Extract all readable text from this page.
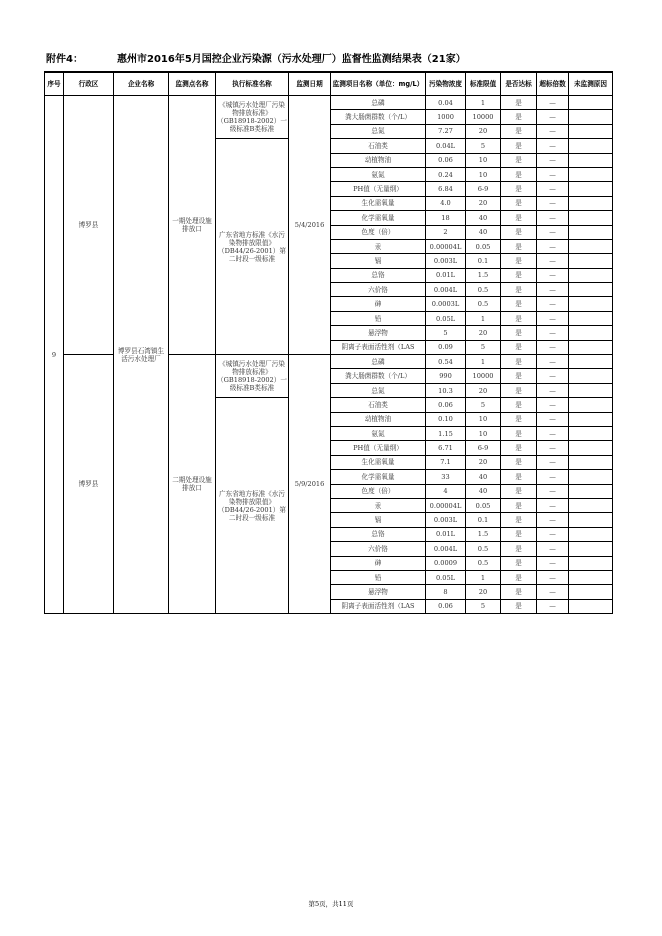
附件4：	惠州市2016年5月国控企业污染源（污水处理厂）监督性监测结果表（21家）
序号	行政区	企业名称	监测点名称	执行标准名称	监测日期	监测项目名称（单位：mg/L）	污染物浓度	标准限值	是否达标	超标倍数	未监测原因
9	博罗县	博罗县石湾镇生活污水处理厂	一期处理设施排放口	《城镇污水处理厂污染物排放标准》（GB18918-2002）一级标准B类标准	5/4/2016	总磷	0.04	1	是	—	
						粪大肠菌群数（个/L）	1000	10000	是	—	
						总氮	7.27	20	是	—	
				广东省地方标准《水污染物排放限值》（DB44/26-2001）第二时段一级标准		石油类	0.04L	5	是	—	
						动植物油	0.06	10	是	—	
						氨氮	0.24	10	是	—	
						PH值（无量纲）	6.84	6-9	是	—	
						生化需氧量	4.0	20	是	—	
						化学需氧量	18	40	是	—	
						色度（倍）	2	40	是	—	
						汞	0.00004L	0.05	是	—	
						镉	0.003L	0.1	是	—	
						总铬	0.01L	1.5	是	—	
						六价铬	0.004L	0.5	是	—	
						砷	0.0003L	0.5	是	—	
						铅	0.05L	1	是	—	
						悬浮物	5	20	是	—	
						阴离子表面活性剂（LAS	0.09	5	是	—	
	博罗县		二期处理设施排放口	《城镇污水处理厂污染物排放标准》（GB18918-2002）一级标准B类标准	5/9/2016	总磷	0.54	1	是	—	
						粪大肠菌群数（个/L）	990	10000	是	—	
						总氮	10.3	20	是	—	
				广东省地方标准《水污染物排放限值》（DB44/26-2001）第二时段一级标准		石油类	0.06	5	是	—	
						动植物油	0.10	10	是	—	
						氨氮	1.15	10	是	—	
						PH值（无量纲）	6.71	6-9	是	—	
						生化需氧量	7.1	20	是	—	
						化学需氧量	33	40	是	—	
						色度（倍）	4	40	是	—	
						汞	0.00004L	0.05	是	—	
						镉	0.003L	0.1	是	—	
						总铬	0.01L	1.5	是	—	
						六价铬	0.004L	0.5	是	—	
						砷	0.0009	0.5	是	—	
						铅	0.05L	1	是	—	
						悬浮物	8	20	是	—	
						阴离子表面活性剂（LAS	0.06	5	是	—	
第5页，共11页
